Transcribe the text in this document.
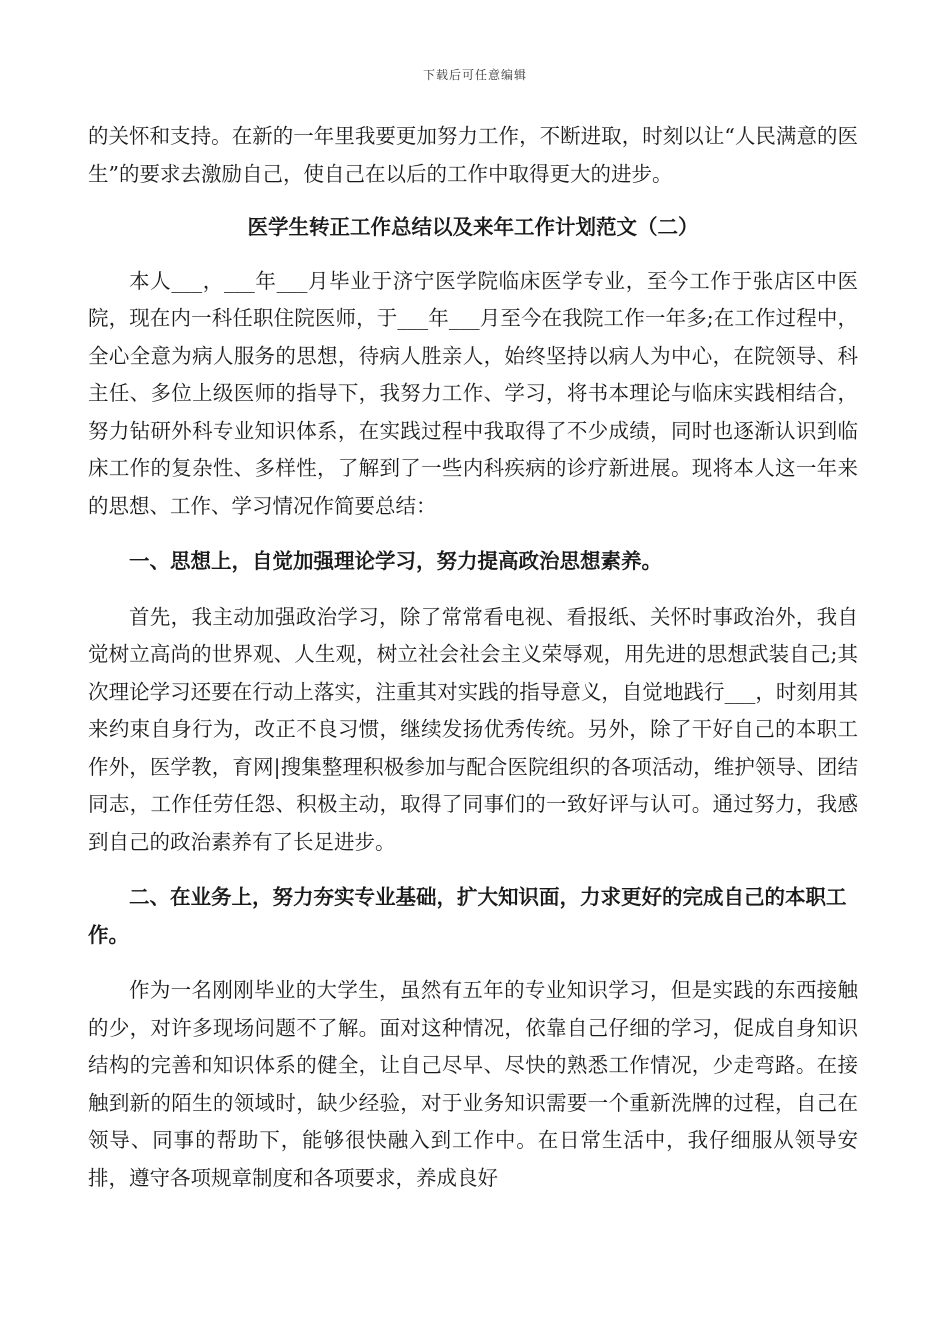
下载后可任意编辑

的关怀和支持。在新的一年里我要更加努力工作，不断进取，时刻以让“人民满意的医生”的要求去激励自己，使自己在以后的工作中取得更大的进步。

医学生转正工作总结以及来年工作计划范文（二）

本人___，___年___月毕业于济宁医学院临床医学专业，至今工作于张店区中医院，现在内一科任职住院医师，于___年___月至今在我院工作一年多;在工作过程中，全心全意为病人服务的思想，待病人胜亲人，始终坚持以病人为中心，在院领导、科主任、多位上级医师的指导下，我努力工作、学习，将书本理论与临床实践相结合，努力钻研外科专业知识体系，在实践过程中我取得了不少成绩，同时也逐渐认识到临床工作的复杂性、多样性，了解到了一些内科疾病的诊疗新进展。现将本人这一年来的思想、工作、学习情况作简要总结：

一、思想上，自觉加强理论学习，努力提高政治思想素养。

首先，我主动加强政治学习，除了常常看电视、看报纸、关怀时事政治外，我自觉树立高尚的世界观、人生观，树立社会社会主义荣辱观，用先进的思想武装自己;其次理论学习还要在行动上落实，注重其对实践的指导意义，自觉地践行___，时刻用其来约束自身行为，改正不良习惯，继续发扬优秀传统。另外，除了干好自己的本职工作外，医学教，育网|搜集整理积极参加与配合医院组织的各项活动，维护领导、团结同志，工作任劳任怨、积极主动，取得了同事们的一致好评与认可。通过努力，我感到自己的政治素养有了长足进步。

二、在业务上，努力夯实专业基础，扩大知识面，力求更好的完成自己的本职工作。

作为一名刚刚毕业的大学生，虽然有五年的专业知识学习，但是实践的东西接触的少，对许多现场问题不了解。面对这种情况，依靠自己仔细的学习，促成自身知识结构的完善和知识体系的健全，让自己尽早、尽快的熟悉工作情况，少走弯路。在接触到新的陌生的领域时，缺少经验，对于业务知识需要一个重新洗牌的过程，自己在领导、同事的帮助下，能够很快融入到工作中。在日常生活中，我仔细服从领导安排，遵守各项规章制度和各项要求，养成良好
